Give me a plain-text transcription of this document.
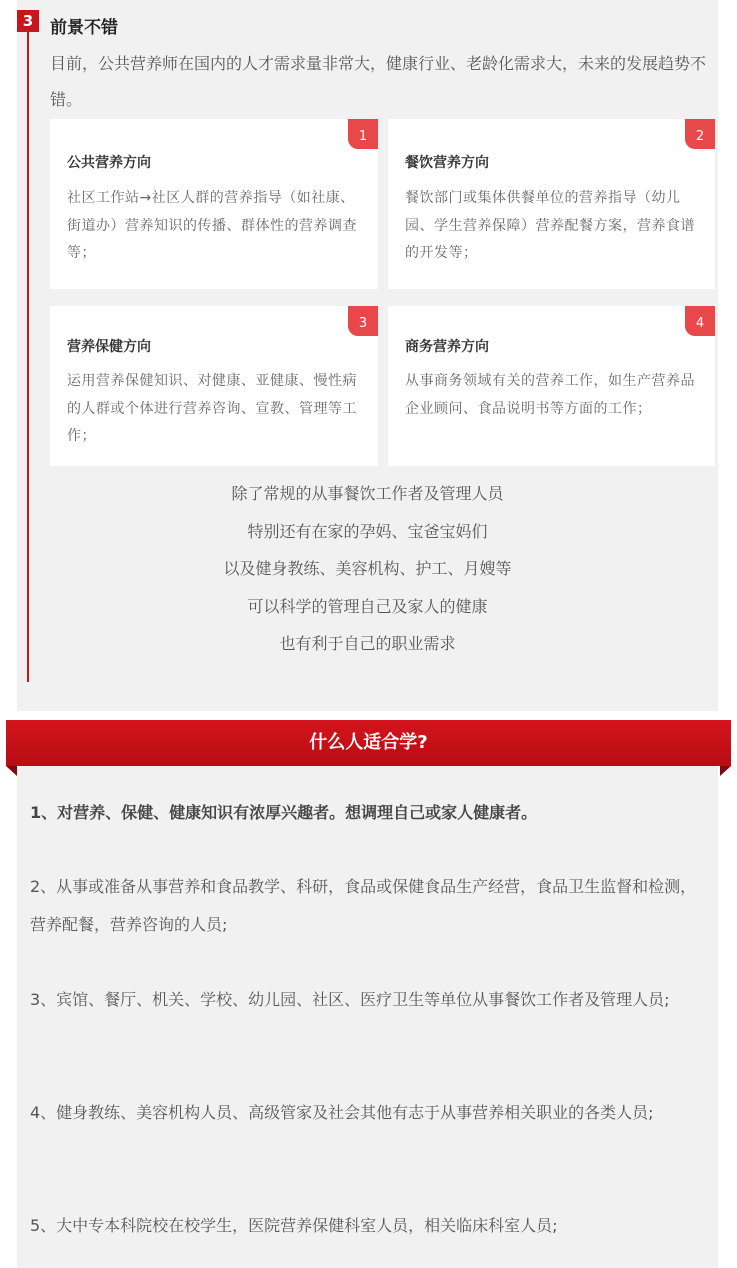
3 前景不错
目前，公共营养师在国内的人才需求量非常大，健康行业、老龄化需求大，未来的发展趋势不错。
1
公共营养方向
社区工作站→社区人群的营养指导（如社康、街道办）营养知识的传播、群体性的营养调查等；
2
餐饮营养方向
餐饮部门或集体供餐单位的营养指导（幼儿园、学生营养保障）营养配餐方案，营养食谱的开发等；
3
营养保健方向
运用营养保健知识、对健康、亚健康、慢性病的人群或个体进行营养咨询、宣教、管理等工作；
4
商务营养方向
从事商务领域有关的营养工作，如生产营养品企业顾问、食品说明书等方面的工作；
除了常规的从事餐饮工作者及管理人员
特别还有在家的孕妈、宝爸宝妈们
以及健身教练、美容机构、护工、月嫂等
可以科学的管理自己及家人的健康
也有利于自己的职业需求
什么人适合学?
1、对营养、保健、健康知识有浓厚兴趣者。想调理自己或家人健康者。
2、从事或准备从事营养和食品教学、科研，食品或保健食品生产经营，食品卫生监督和检测，营养配餐，营养咨询的人员;
3、宾馆、餐厅、机关、学校、幼儿园、社区、医疗卫生等单位从事餐饮工作者及管理人员;
4、健身教练、美容机构人员、高级管家及社会其他有志于从事营养相关职业的各类人员;
5、大中专本科院校在校学生，医院营养保健科室人员，相关临床科室人员;
